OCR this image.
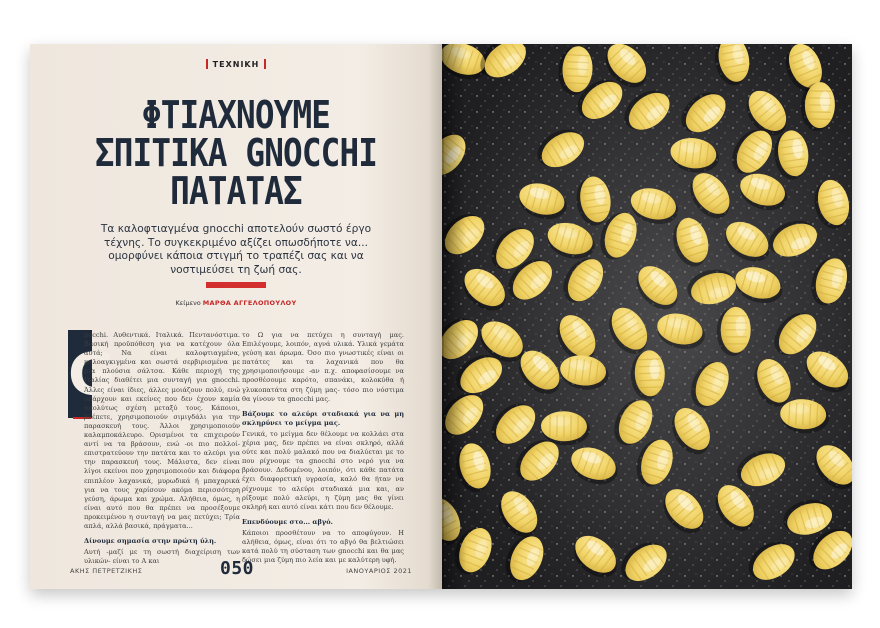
ΤΕΧΝΙΚΗ
ΦΤΙΑΧΝΟΥΜΕ
ΣΠΙΤΙΚΑ GNOCCHI
ΠΑΤΑΤΑΣ
Τα καλοφτιαγμένα gnocchi αποτελούν σωστό έργο τέχνης. Το συγκεκριμένο αξίζει οπωσδήποτε να... ομορφύνει κάποια στιγμή το τραπέζι σας και να νοστιμεύσει τη ζωή σας.
Κείμενο ΜΑΡΘΑ ΑΓΓΕΛΟΠΟΥΛΟΥ
G

nocchi. Αυθεντικά. Ιταλικά. Πεντανόστιμα. Βασική προϋπόθεση για να κατέχουν όλα αυτά; Να είναι καλοφτιαγμένα, καλοαγκιγμένα και σωστά σερβιρισμένα με μια πλούσια σάλτσα. Κάθε περιοχή της Ιταλίας διαθέτει μια συνταγή για gnocchi. Άλλες είναι ίδιες, άλλες μοιάζουν πολύ, ενώ υπάρχουν και εκείνες που δεν έχουν καμία απολύτως σχέση μεταξύ τους. Κάποιοι, βλέπετε, χρησιμοποιούν σιμιγδάλι για την παρασκευή τους. Άλλοι χρησιμοποιούν καλαμποκάλευρο. Ορισμένοι τα επιχειρούν αντί να τα βράσουν, ενώ -οι πιο πολλοί- επιστρατεύουν την πατάτα και το αλεύρι για την παρασκευή τους. Μάλιστα, δεν είναι λίγοι εκείνοι που χρησιμοποιούν και διάφορα επιπλέον λαχανικά, μυρωδικά ή μπαχαρικά για να τους χαρίσουν ακόμα περισσότερη γεύση, άρωμα και χρώμα. Αλήθεια, όμως, η είναι αυτό που θα πρέπει να προσέξουμε προκειμένου η συνταγή να μας πετύχει; Τρία απλά, αλλά βασικά, πράγματα...

Δίνουμε σημασία στην πρώτη ύλη.

Αυτή -μαζί με τη σωστή διαχείριση των υλικών- είναι το Α και

το Ω για να πετύχει η συνταγή μας. Επιλέγουμε, λοιπόν, αγνά υλικά. Υλικά γεμάτα γεύση και άρωμα. Όσο πιο γνωστικές είναι οι πατάτες και τα λαχανικά που θα χρησιμοποιήσουμε -αν π.χ. αποφασίσουμε να προσθέσουμε καρότο, σπανάκι, κολοκύθα ή γλυκοπατάτα στη ζύμη μας- τόσο πιο νόστιμα θα γίνουν τα gnocchi μας.

Βάζουμε το αλεύρι σταδιακά για να μη σκληρύνει το μείγμα μας.

Γενικά, το μείγμα δεν θέλουμε να κολλάει στα χέρια μας, δεν πρέπει να είναι σκληρό, αλλά ούτε και πολύ μαλακό που να διαλύεται με το που ρίχνουμε τα gnocchi στο νερό για να βράσουν. Δεδομένου, λοιπόν, ότι κάθε πατάτα έχει διαφορετική υγρασία, καλό θα ήταν να ρίχνουμε το αλεύρι σταδιακά μια και, αν ρίξουμε πολύ αλεύρι, η ζύμη μας θα γίνει σκληρή και αυτό είναι κάτι που δεν θέλουμε.

Επενδύουμε στο... αβγό.

Κάποιοι προσθέτουν να το αποφύγουν. Η αλήθεια, όμως, είναι ότι το αβγό θα βελτιώσει κατά πολύ τη σύσταση των gnocchi και θα μας δώσει μια ζύμη πιο λεία και με καλύτερη υφή.

ΑΚΗΣ ΠΕΤΡΕΤΖΙΚΗΣ	050	ΙΑΝΟΥΑΡΙΟΣ 2021
